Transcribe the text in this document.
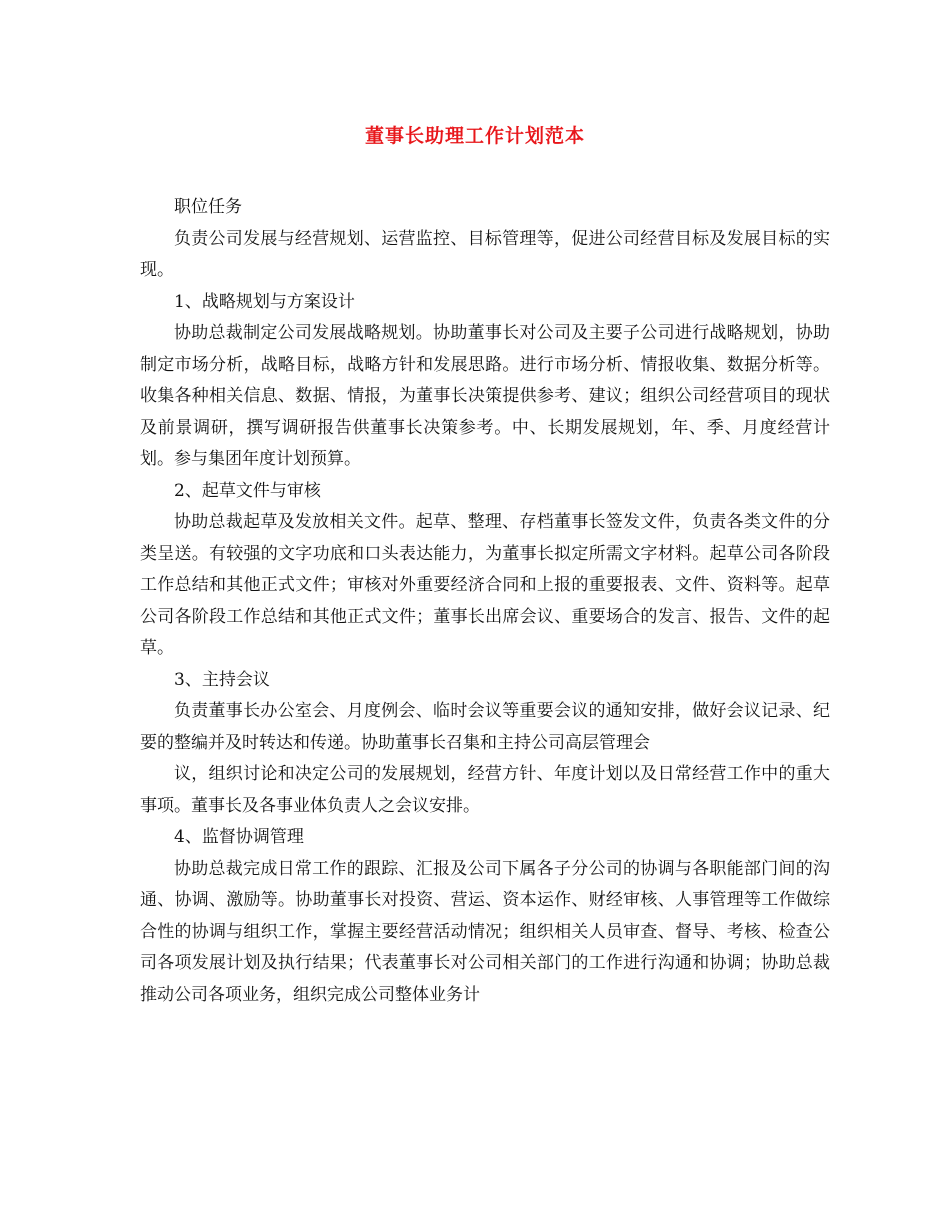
董事长助理工作计划范本

职位任务

负责公司发展与经营规划、运营监控、目标管理等，促进公司经营目标及发展目标的实现。

1、战略规划与方案设计

协助总裁制定公司发展战略规划。协助董事长对公司及主要子公司进行战略规划，协助制定市场分析，战略目标，战略方针和发展思路。进行市场分析、情报收集、数据分析等。收集各种相关信息、数据、情报，为董事长决策提供参考、建议；组织公司经营项目的现状及前景调研，撰写调研报告供董事长决策参考。中、长期发展规划，年、季、月度经营计划。参与集团年度计划预算。

2、起草文件与审核

协助总裁起草及发放相关文件。起草、整理、存档董事长签发文件，负责各类文件的分类呈送。有较强的文字功底和口头表达能力，为董事长拟定所需文字材料。起草公司各阶段工作总结和其他正式文件；审核对外重要经济合同和上报的重要报表、文件、资料等。起草公司各阶段工作总结和其他正式文件；董事长出席会议、重要场合的发言、报告、文件的起草。

3、主持会议

负责董事长办公室会、月度例会、临时会议等重要会议的通知安排，做好会议记录、纪要的整编并及时转达和传递。协助董事长召集和主持公司高层管理会

议，组织讨论和决定公司的发展规划，经营方针、年度计划以及日常经营工作中的重大事项。董事长及各事业体负责人之会议安排。

4、监督协调管理

协助总裁完成日常工作的跟踪、汇报及公司下属各子分公司的协调与各职能部门间的沟通、协调、激励等。协助董事长对投资、营运、资本运作、财经审核、人事管理等工作做综合性的协调与组织工作，掌握主要经营活动情况；组织相关人员审查、督导、考核、检查公司各项发展计划及执行结果；代表董事长对公司相关部门的工作进行沟通和协调；协助总裁推动公司各项业务，组织完成公司整体业务计
